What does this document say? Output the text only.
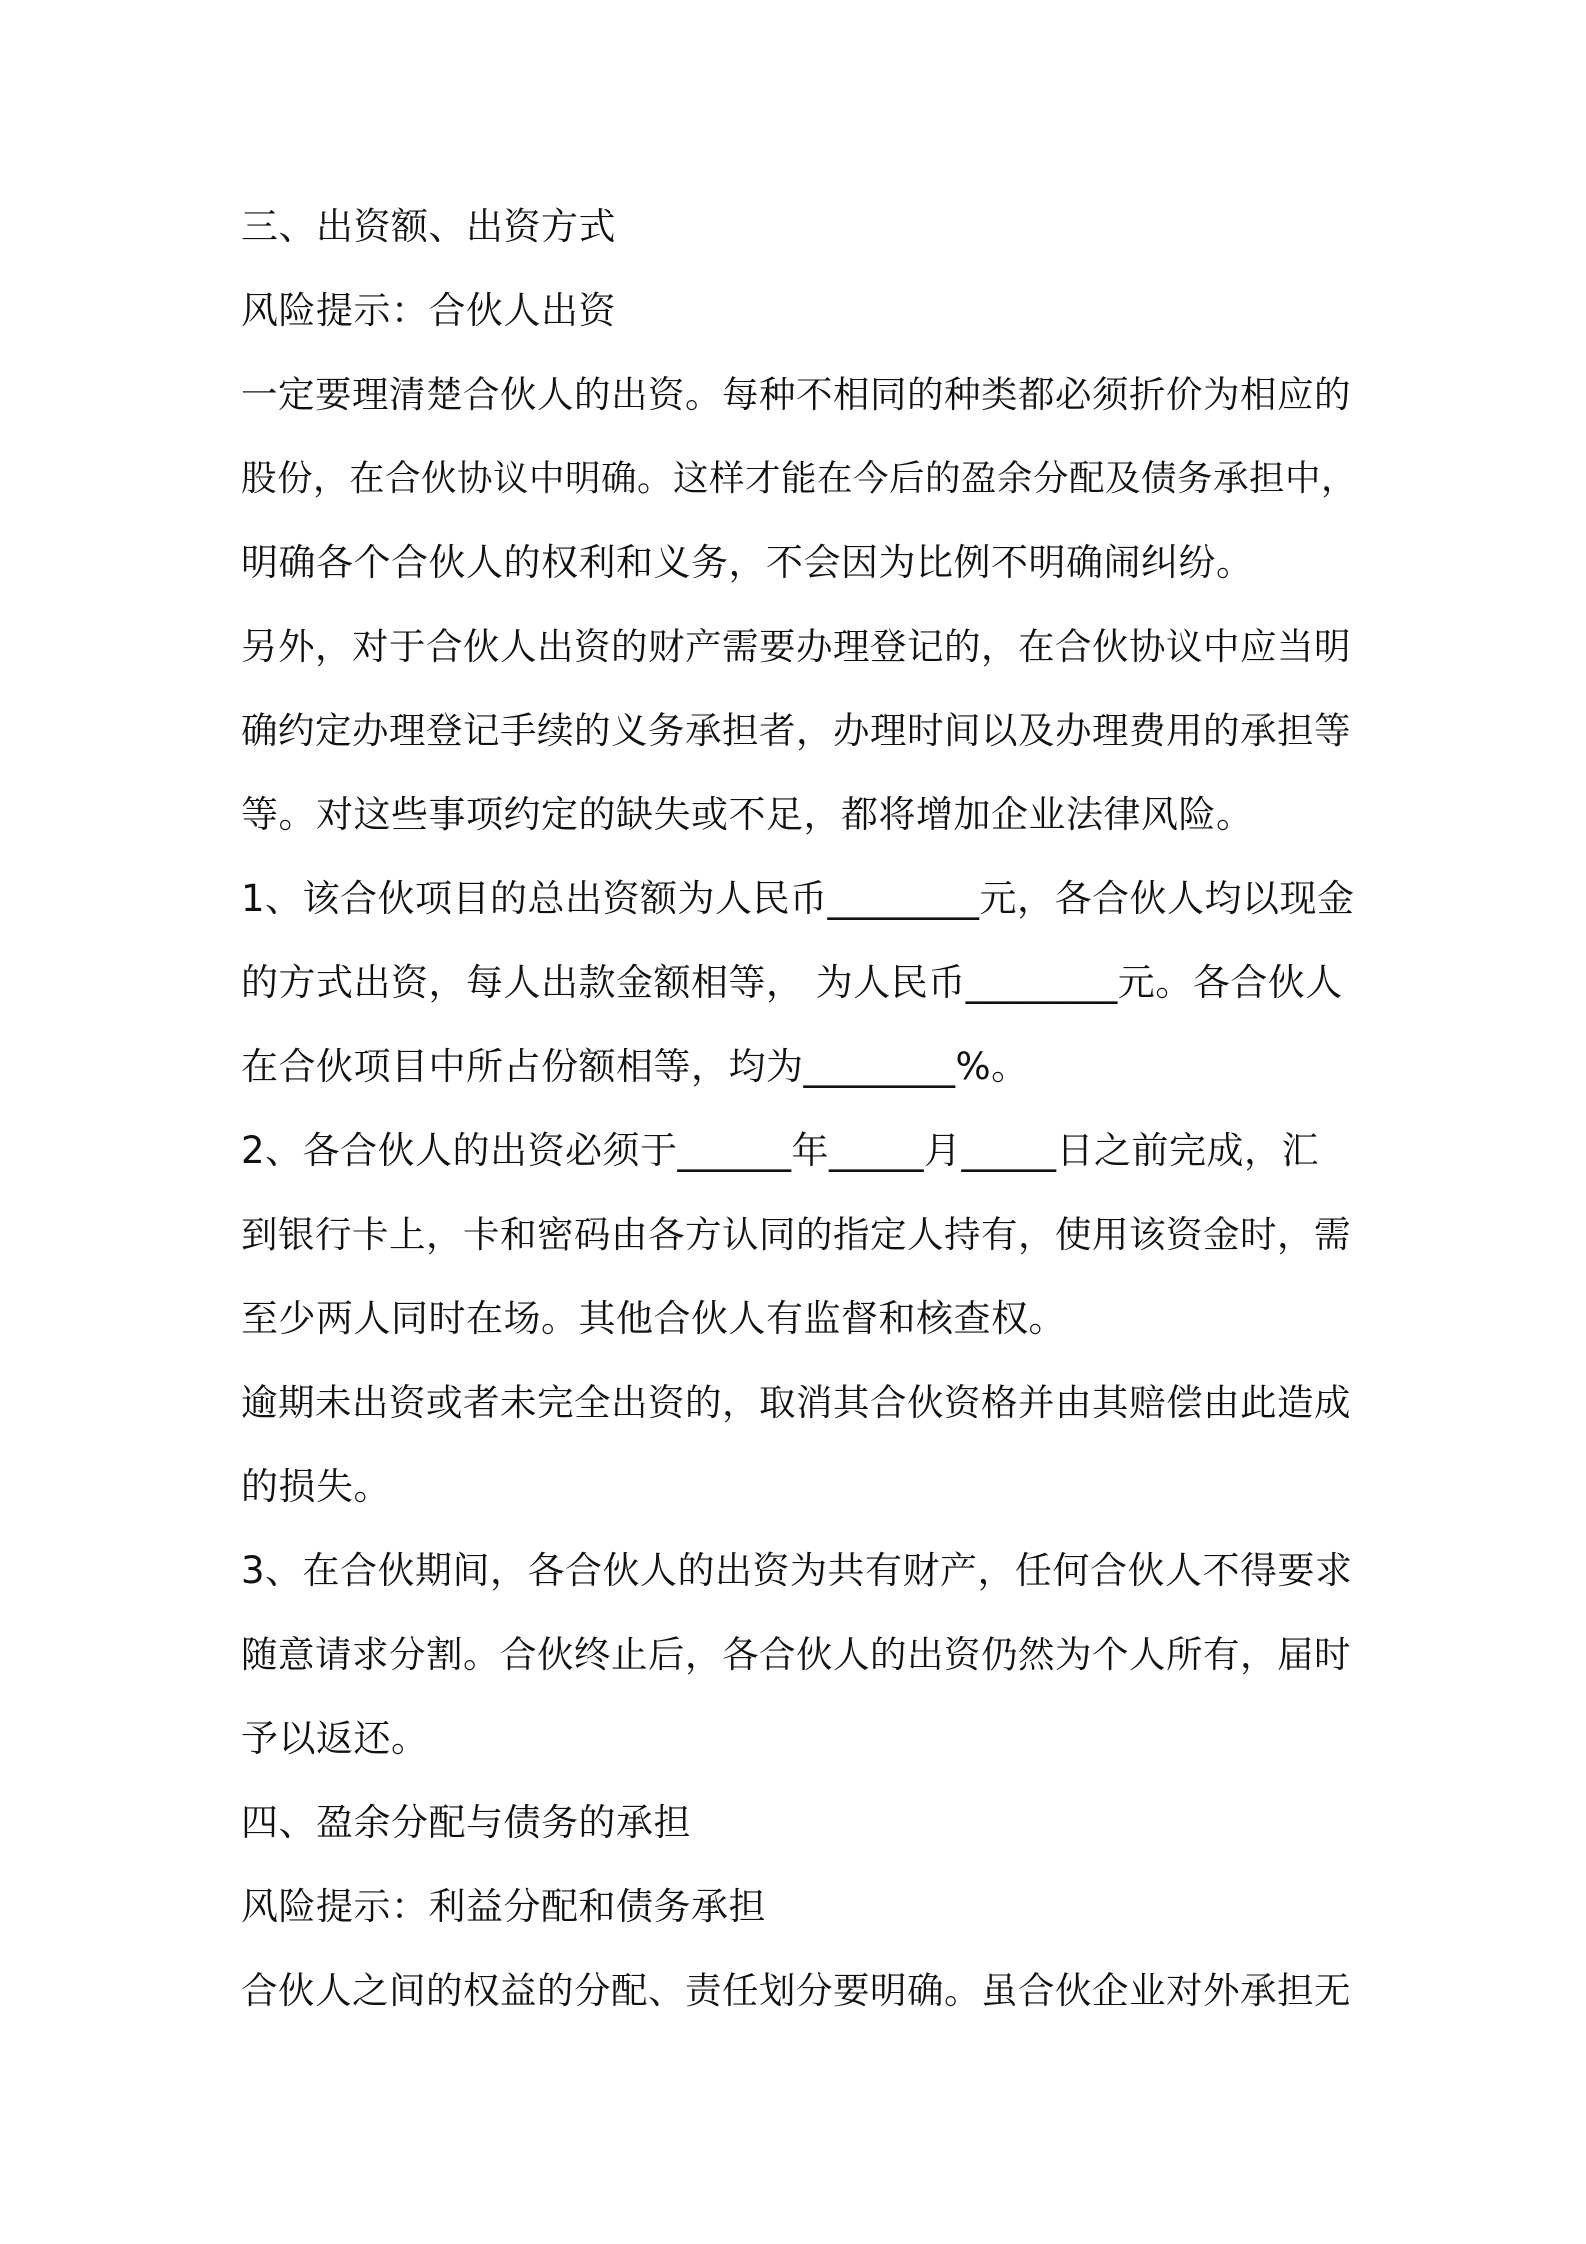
三、出资额、出资方式
风险提示：合伙人出资
一定要理清楚合伙人的出资。每种不相同的种类都必须折价为相应的
股份，在合伙协议中明确。这样才能在今后的盈余分配及债务承担中，
明确各个合伙人的权利和义务，不会因为比例不明确闹纠纷。
另外，对于合伙人出资的财产需要办理登记的，在合伙协议中应当明
确约定办理登记手续的义务承担者，办理时间以及办理费用的承担等
等。对这些事项约定的缺失或不足，都将增加企业法律风险。
1、该合伙项目的总出资额为人民币________元，各合伙人均以现金
的方式出资，每人出款金额相等， 为人民币________元。各合伙人
在合伙项目中所占份额相等，均为________%。
2、各合伙人的出资必须于______年_____月_____日之前完成，汇
到银行卡上，卡和密码由各方认同的指定人持有，使用该资金时，需
至少两人同时在场。其他合伙人有监督和核查权。
逾期未出资或者未完全出资的，取消其合伙资格并由其赔偿由此造成
的损失。
3、在合伙期间，各合伙人的出资为共有财产，任何合伙人不得要求
随意请求分割。合伙终止后，各合伙人的出资仍然为个人所有，届时
予以返还。
四、盈余分配与债务的承担
风险提示：利益分配和债务承担
合伙人之间的权益的分配、责任划分要明确。虽合伙企业对外承担无
